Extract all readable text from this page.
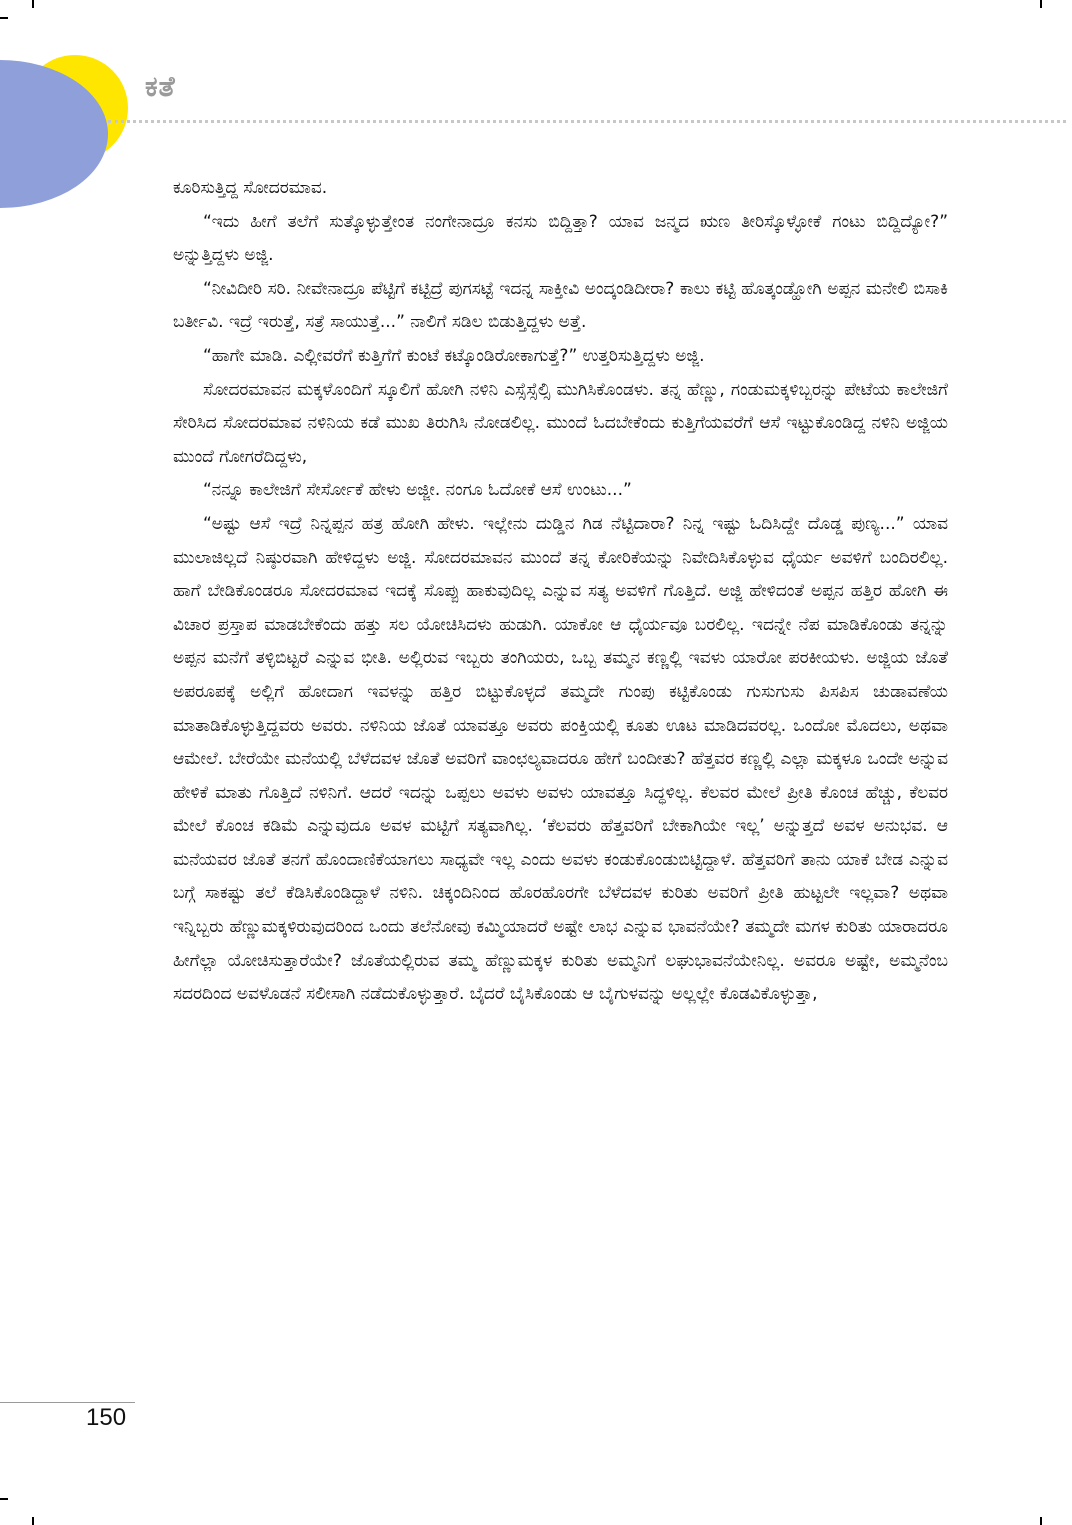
ಕತೆ

ಕೂರಿಸುತ್ತಿದ್ದ ಸೋದರಮಾವ.

“ಇದು ಹೀಗೆ ತಲೆಗೆ ಸುತ್ಕೊಳ್ಳುತ್ತೇಂತ ನಂಗೇನಾದ್ರೂ ಕನಸು ಬಿದ್ದಿತ್ತಾ? ಯಾವ ಜನ್ಮದ ಋಣ ತೀರಿಸ್ಕೊಳ್ಳೋಕೆ ಗಂಟು ಬಿದ್ದಿದ್ಯೋ?” ಅನ್ನುತ್ತಿದ್ದಳು ಅಜ್ಜಿ.

“ನೀವಿದೀರಿ ಸರಿ. ನೀವೇನಾದ್ರೂ ಪೆಟ್ಟಿಗೆ ಕಟ್ಟಿದ್ರೆ ಪುಗಸಟ್ಟೆ ಇದನ್ನ ಸಾಕ್ತೀವಿ ಅಂದ್ಕಂಡಿದೀರಾ? ಕಾಲು ಕಟ್ಟಿ ಹೊತ್ಕಂಡ್ಹೋಗಿ ಅಪ್ಪನ ಮನೇಲಿ ಬಿಸಾಕಿ ಬರ್ತೀವಿ. ಇದ್ರೆ ಇರುತ್ತೆ, ಸತ್ರೆ ಸಾಯುತ್ತೆ...” ನಾಲಿಗೆ ಸಡಿಲ ಬಿಡುತ್ತಿದ್ದಳು ಅತ್ತೆ.

“ಹಾಗೇ ಮಾಡಿ. ಎಲ್ಲೀವರೆಗೆ ಕುತ್ತಿಗೆಗೆ ಕುಂಟೆ ಕಟ್ಕೊಂಡಿರೋಕಾಗುತ್ತೆ?” ಉತ್ತರಿಸುತ್ತಿದ್ದಳು ಅಜ್ಜಿ.

ಸೋದರಮಾವನ ಮಕ್ಕಳೊಂದಿಗೆ ಸ್ಕೂಲಿಗೆ ಹೋಗಿ ನಳಿನಿ ಎಸ್ಸೆಸ್ಸೆಲ್ಸಿ ಮುಗಿಸಿಕೊಂಡಳು. ತನ್ನ ಹೆಣ್ಣು, ಗಂಡುಮಕ್ಕಳಿಬ್ಬರನ್ನು ಪೇಟೆಯ ಕಾಲೇಜಿಗೆ ಸೇರಿಸಿದ ಸೋದರಮಾವ ನಳಿನಿಯ ಕಡೆ ಮುಖ ತಿರುಗಿಸಿ ನೋಡಲಿಲ್ಲ. ಮುಂದೆ ಓದಬೇಕೆಂದು ಕುತ್ತಿಗೆಯವರೆಗೆ ಆಸೆ ಇಟ್ಟುಕೊಂಡಿದ್ದ ನಳಿನಿ ಅಜ್ಜಿಯ ಮುಂದೆ ಗೋಗರೆದಿದ್ದಳು,

“ನನ್ನೂ ಕಾಲೇಜಿಗೆ ಸೇರ್ಸೋಕೆ ಹೇಳು ಅಜ್ಜೀ. ನಂಗೂ ಓದೋಕೆ ಆಸೆ ಉಂಟು...”

“ಅಷ್ಟು ಆಸೆ ಇದ್ರೆ ನಿನ್ನಪ್ಪನ ಹತ್ರ ಹೋಗಿ ಹೇಳು. ಇಲ್ಲೇನು ದುಡ್ಡಿನ ಗಿಡ ನೆಟ್ಟಿದಾರಾ? ನಿನ್ನ ಇಷ್ಟು ಓದಿಸಿದ್ದೇ ದೊಡ್ಡ ಪುಣ್ಯ...” ಯಾವ ಮುಲಾಜಿಲ್ಲದೆ ನಿಷ್ಠುರವಾಗಿ ಹೇಳಿದ್ದಳು ಅಜ್ಜಿ. ಸೋದರಮಾವನ ಮುಂದೆ ತನ್ನ ಕೋರಿಕೆಯನ್ನು ನಿವೇದಿಸಿಕೊಳ್ಳುವ ಧೈರ್ಯ ಅವಳಿಗೆ ಬಂದಿರಲಿಲ್ಲ. ಹಾಗೆ ಬೇಡಿಕೊಂಡರೂ ಸೋದರಮಾವ ಇದಕ್ಕೆ ಸೊಪ್ಪು ಹಾಕುವುದಿಲ್ಲ ಎನ್ನುವ ಸತ್ಯ ಅವಳಿಗೆ ಗೊತ್ತಿದೆ. ಅಜ್ಜಿ ಹೇಳಿದಂತೆ ಅಪ್ಪನ ಹತ್ತಿರ ಹೋಗಿ ಈ ವಿಚಾರ ಪ್ರಸ್ತಾಪ ಮಾಡಬೇಕೆಂದು ಹತ್ತು ಸಲ ಯೋಚಿಸಿದಳು ಹುಡುಗಿ. ಯಾಕೋ ಆ ಧೈರ್ಯವೂ ಬರಲಿಲ್ಲ. ಇದನ್ನೇ ನೆಪ ಮಾಡಿಕೊಂಡು ತನ್ನನ್ನು ಅಪ್ಪನ ಮನೆಗೆ ತಳ್ಳಿಬಿಟ್ಟರೆ ಎನ್ನುವ ಭೀತಿ. ಅಲ್ಲಿರುವ ಇಬ್ಬರು ತಂಗಿಯರು, ಒಬ್ಬ ತಮ್ಮನ ಕಣ್ಣಲ್ಲಿ ಇವಳು ಯಾರೋ ಪರಕೀಯಳು. ಅಜ್ಜಿಯ ಜೊತೆ ಅಪರೂಪಕ್ಕೆ ಅಲ್ಲಿಗೆ ಹೋದಾಗ ಇವಳನ್ನು ಹತ್ತಿರ ಬಿಟ್ಟುಕೊಳ್ಳದೆ ತಮ್ಮದೇ ಗುಂಪು ಕಟ್ಟಿಕೊಂಡು ಗುಸುಗುಸು ಪಿಸಪಿಸ ಚುಡಾವಣೆಯ ಮಾತಾಡಿಕೊಳ್ಳುತ್ತಿದ್ದವರು ಅವರು. ನಳಿನಿಯ ಜೊತೆ ಯಾವತ್ತೂ ಅವರು ಪಂಕ್ತಿಯಲ್ಲಿ ಕೂತು ಊಟ ಮಾಡಿದವರಲ್ಲ. ಒಂದೋ ಮೊದಲು, ಅಥವಾ ಆಮೇಲೆ. ಬೇರೆಯೇ ಮನೆಯಲ್ಲಿ ಬೆಳೆದವಳ ಜೊತೆ ಅವರಿಗೆ ವಾಂಛಲ್ಯವಾದರೂ ಹೇಗೆ ಬಂದೀತು? ಹೆತ್ತವರ ಕಣ್ಣಲ್ಲಿ ಎಲ್ಲಾ ಮಕ್ಕಳೂ ಒಂದೇ ಅನ್ನುವ ಹೇಳಿಕೆ ಮಾತು ಗೊತ್ತಿದೆ ನಳಿನಿಗೆ. ಆದರೆ ಇದನ್ನು ಒಪ್ಪಲು ಅವಳು ಅವಳು ಯಾವತ್ತೂ ಸಿದ್ಧಳಿಲ್ಲ. ಕೆಲವರ ಮೇಲೆ ಪ್ರೀತಿ ಕೊಂಚ ಹೆಚ್ಚು, ಕೆಲವರ ಮೇಲೆ ಕೊಂಚ ಕಡಿಮೆ ಎನ್ನುವುದೂ ಅವಳ ಮಟ್ಟಿಗೆ ಸತ್ಯವಾಗಿಲ್ಲ. ‘ಕೆಲವರು ಹೆತ್ತವರಿಗೆ ಬೇಕಾಗಿಯೇ ಇಲ್ಲ’ ಅನ್ನುತ್ತದೆ ಅವಳ ಅನುಭವ. ಆ ಮನೆಯವರ ಜೊತೆ ತನಗೆ ಹೊಂದಾಣಿಕೆಯಾಗಲು ಸಾಧ್ಯವೇ ಇಲ್ಲ ಎಂದು ಅವಳು ಕಂಡುಕೊಂಡುಬಿಟ್ಟಿದ್ದಾಳೆ. ಹೆತ್ತವರಿಗೆ ತಾನು ಯಾಕೆ ಬೇಡ ಎನ್ನುವ ಬಗ್ಗೆ ಸಾಕಷ್ಟು ತಲೆ ಕೆಡಿಸಿಕೊಂಡಿದ್ದಾಳೆ ನಳಿನಿ. ಚಿಕ್ಕಂದಿನಿಂದ ಹೊರಹೊರಗೇ ಬೆಳೆದವಳ ಕುರಿತು ಅವರಿಗೆ ಪ್ರೀತಿ ಹುಟ್ಟಲೇ ಇಲ್ಲವಾ? ಅಥವಾ ಇನ್ನಿಬ್ಬರು ಹೆಣ್ಣುಮಕ್ಕಳಿರುವುದರಿಂದ ಒಂದು ತಲೆನೋವು ಕಮ್ಮಿಯಾದರೆ ಅಷ್ಟೇ ಲಾಭ ಎನ್ನುವ ಭಾವನೆಯೇ? ತಮ್ಮದೇ ಮಗಳ ಕುರಿತು ಯಾರಾದರೂ ಹೀಗೆಲ್ಲಾ ಯೋಚಿಸುತ್ತಾರೆಯೇ? ಜೊತೆಯಲ್ಲಿರುವ ತಮ್ಮ ಹೆಣ್ಣುಮಕ್ಕಳ ಕುರಿತು ಅಮ್ಮನಿಗೆ ಲಘುಭಾವನೆಯೇನಿಲ್ಲ. ಅವರೂ ಅಷ್ಟೇ, ಅಮ್ಮನೆಂಬ ಸದರದಿಂದ ಅವಳೊಡನೆ ಸಲೀಸಾಗಿ ನಡೆದುಕೊಳ್ಳುತ್ತಾರೆ. ಬೈದರೆ ಬೈಸಿಕೊಂಡು ಆ ಬೈಗುಳವನ್ನು ಅಲ್ಲಲ್ಲೇ ಕೊಡವಿಕೊಳ್ಳುತ್ತಾ,

150
